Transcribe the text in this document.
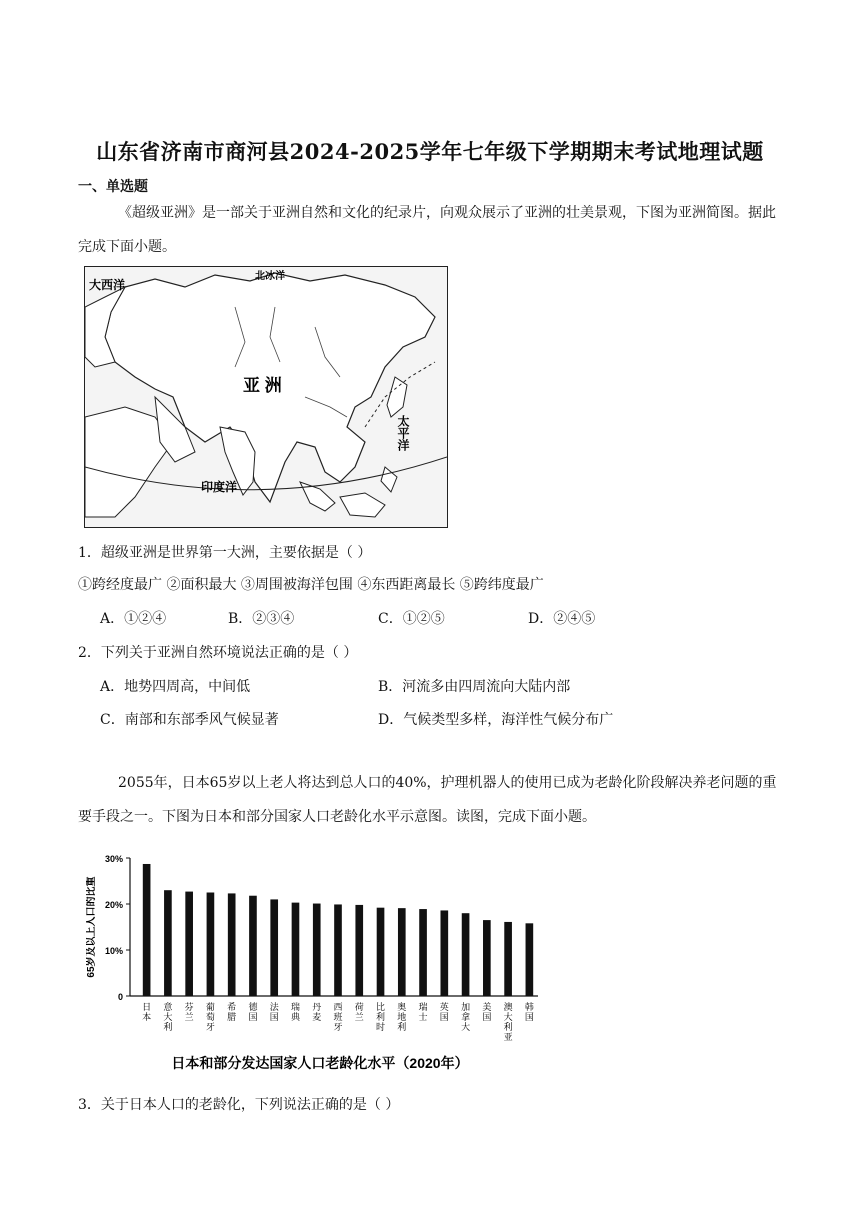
山东省济南市商河县2024-2025学年七年级下学期期末考试地理试题
一、单选题
《超级亚洲》是一部关于亚洲自然和文化的纪录片，向观众展示了亚洲的壮美景观，下图为亚洲简图。据此完成下面小题。
大西洋
北冰洋
亚 洲
太平洋
印度洋
1．超级亚洲是世界第一大洲，主要依据是（ ）
①跨经度最广 ②面积最大 ③周围被海洋包围 ④东西距离最长 ⑤跨纬度最广
A．①②④	B．②③④	C．①②⑤	D．②④⑤
2．下列关于亚洲自然环境说法正确的是（ ）
A．地势四周高，中间低	B．河流多由四周流向大陆内部
C．南部和东部季风气候显著	D．气候类型多样，海洋性气候分布广
2055年，日本65岁以上老人将达到总人口的40%，护理机器人的使用已成为老龄化阶段解决养老问题的重要手段之一。下图为日本和部分国家人口老龄化水平示意图。读图，完成下面小题。
0
10%
20%
30%
65岁及以上人口的比重
日本
意大利
芬兰
葡萄牙
希腊
德国
法国
瑞典
丹麦
西班牙
荷兰
比利时
奥地利
瑞士
英国
加拿大
美国
澳大利亚
韩国
日本和部分发达国家人口老龄化水平（2020年）
3．关于日本人口的老龄化，下列说法正确的是（ ）
